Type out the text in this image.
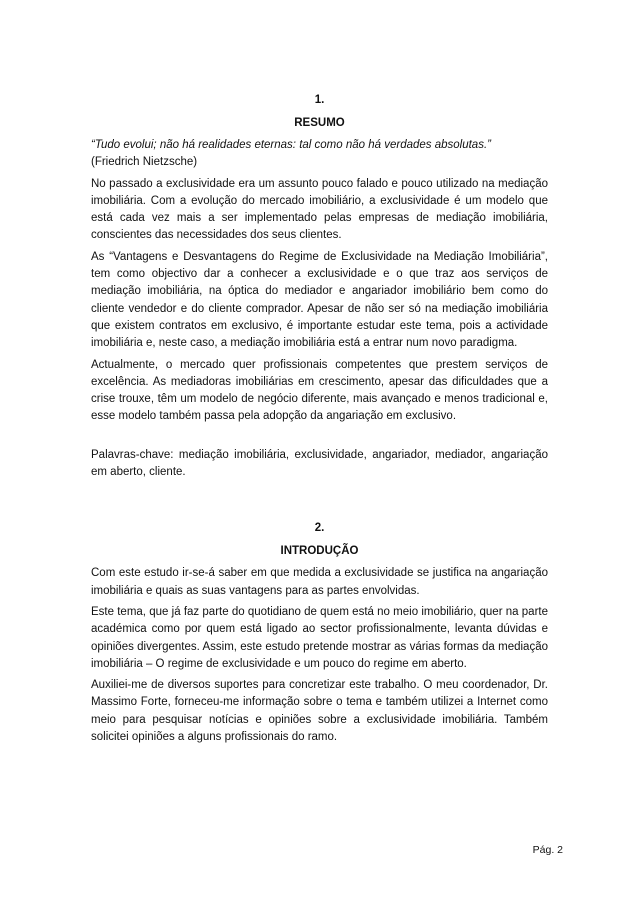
1.
RESUMO

“Tudo evolui; não há realidades eternas: tal como não há verdades absolutas.”

(Friedrich Nietzsche)

No passado a exclusividade era um assunto pouco falado e pouco utilizado na mediação imobiliária. Com a evolução do mercado imobiliário, a exclusividade é um modelo que está cada vez mais a ser implementado pelas empresas de mediação imobiliária, conscientes das necessidades dos seus clientes.

As “Vantagens e Desvantagens do Regime de Exclusividade na Mediação Imobiliária”, tem como objectivo dar a conhecer a exclusividade e o que traz aos serviços de mediação imobiliária, na óptica do mediador e angariador imobiliário bem como do cliente vendedor e do cliente comprador. Apesar de não ser só na mediação imobiliária que existem contratos em exclusivo, é importante estudar este tema, pois a actividade imobiliária e, neste caso, a mediação imobiliária está a entrar num novo paradigma.

Actualmente, o mercado quer profissionais competentes que prestem serviços de excelência. As mediadoras imobiliárias em crescimento, apesar das dificuldades que a crise trouxe, têm um modelo de negócio diferente, mais avançado e menos tradicional e, esse modelo também passa pela adopção da angariação em exclusivo.

Palavras-chave: mediação imobiliária, exclusividade, angariador, mediador, angariação em aberto, cliente.

2.
INTRODUÇÃO

Com este estudo ir-se-á saber em que medida a exclusividade se justifica na angariação imobiliária e quais as suas vantagens para as partes envolvidas.

Este tema, que já faz parte do quotidiano de quem está no meio imobiliário, quer na parte académica como por quem está ligado ao sector profissionalmente, levanta dúvidas e opiniões divergentes. Assim, este estudo pretende mostrar as várias formas da mediação imobiliária – O regime de exclusividade e um pouco do regime em aberto.

Auxiliei-me de diversos suportes para concretizar este trabalho. O meu coordenador, Dr. Massimo Forte, forneceu-me informação sobre o tema e também utilizei a Internet como meio para pesquisar notícias e opiniões sobre a exclusividade imobiliária. Também solicitei opiniões a alguns profissionais do ramo.

Pág. 2
